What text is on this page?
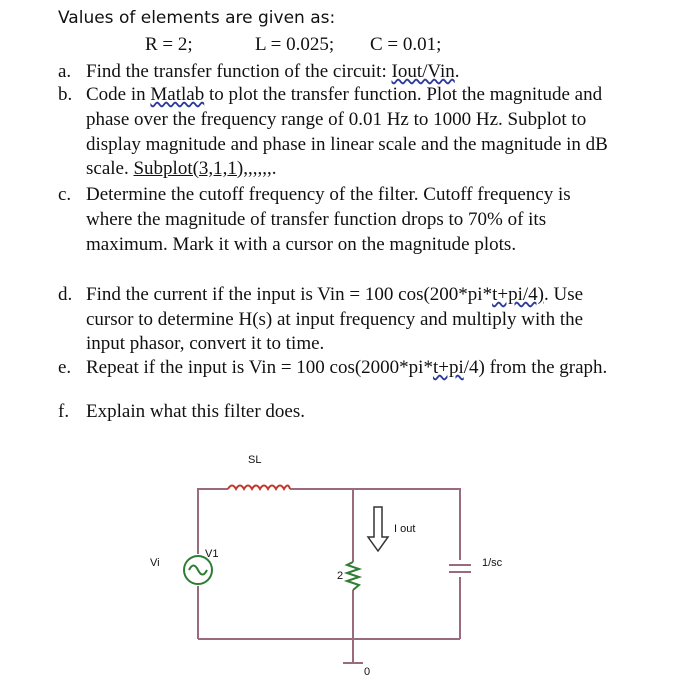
Values of elements are given as:
R = 2;	L = 0.025; C = 0.01;
a. Find the transfer function of the circuit: Iout/Vin.
b. Code in Matlab to plot the transfer function. Plot the magnitude and
phase over the frequency range of 0.01 Hz to 1000 Hz. Subplot to
display magnitude and phase in linear scale and the magnitude in dB
scale. Subplot(3,1,1),,,,,,.
c. Determine the cutoff frequency of the filter. Cutoff frequency is
where the magnitude of transfer function drops to 70% of its
maximum. Mark it with a cursor on the magnitude plots.
d. Find the current if the input is Vin = 100 cos(200*pi*t+pi/4). Use
cursor to determine H(s) at input frequency and multiply with the
input phasor, convert it to time.
e. Repeat if the input is Vin = 100 cos(2000*pi*t+pi/4) from the graph.
f. Explain what this filter does.
SL
Vi
V1
I out
2
1/sc
0
